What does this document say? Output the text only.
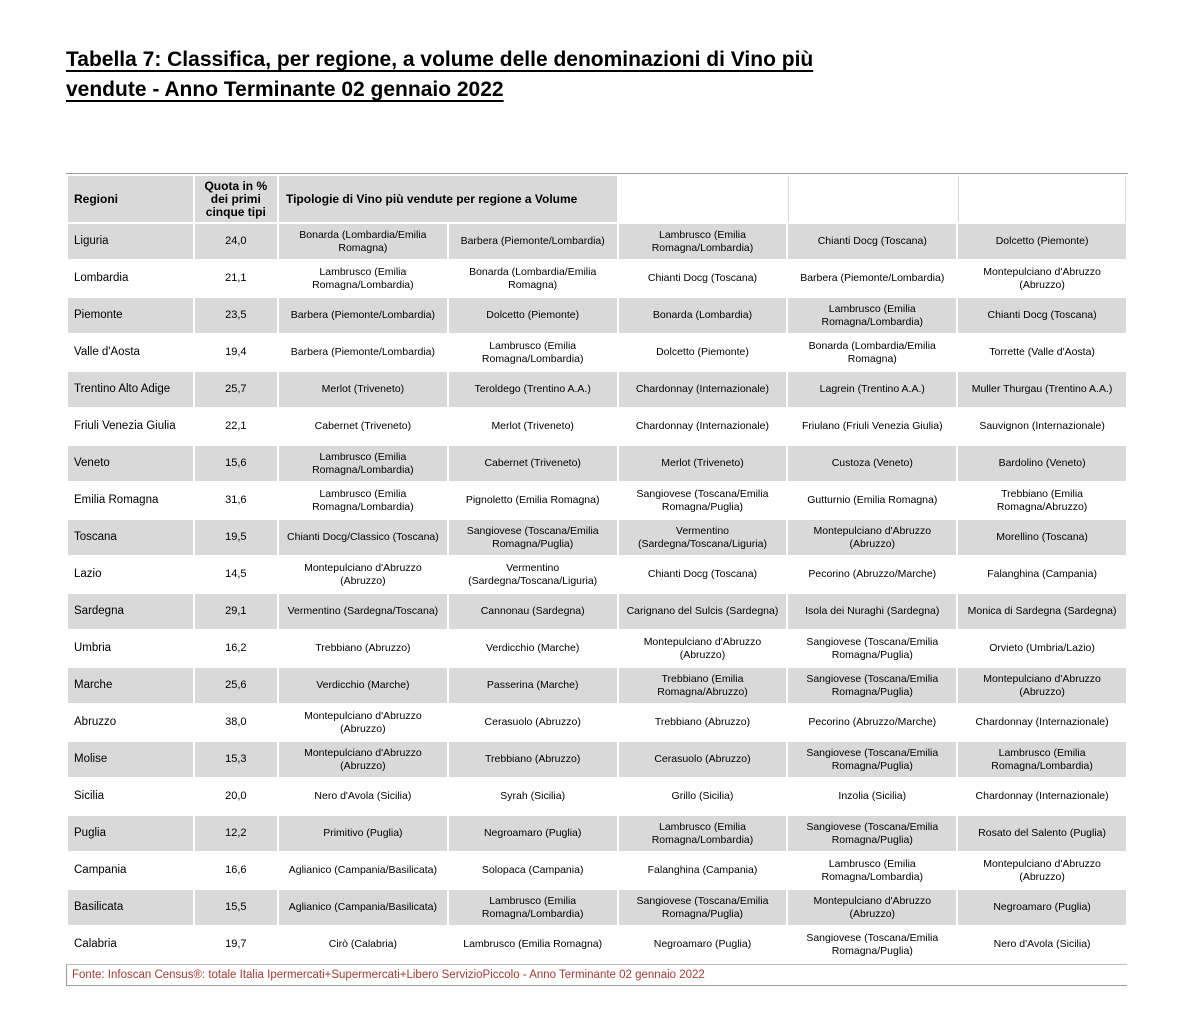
Tabella 7: Classifica, per regione, a volume delle denominazioni di Vino più
vendute - Anno Terminante 02 gennaio 2022
Regioni	Quota in % dei primi cinque tipi	Tipologie di Vino più vendute per regione a Volume				
Liguria	24,0	Bonarda (Lombardia/Emilia Romagna)	Barbera (Piemonte/Lombardia)	Lambrusco (Emilia Romagna/Lombardia)	Chianti Docg (Toscana)	Dolcetto (Piemonte)
Lombardia	21,1	Lambrusco (Emilia Romagna/Lombardia)	Bonarda (Lombardia/Emilia Romagna)	Chianti Docg (Toscana)	Barbera (Piemonte/Lombardia)	Montepulciano d'Abruzzo (Abruzzo)
Piemonte	23,5	Barbera (Piemonte/Lombardia)	Dolcetto (Piemonte)	Bonarda (Lombardia)	Lambrusco (Emilia Romagna/Lombardia)	Chianti Docg (Toscana)
Valle d'Aosta	19,4	Barbera (Piemonte/Lombardia)	Lambrusco (Emilia Romagna/Lombardia)	Dolcetto (Piemonte)	Bonarda (Lombardia/Emilia Romagna)	Torrette (Valle d'Aosta)
Trentino Alto Adige	25,7	Merlot (Triveneto)	Teroldego (Trentino A.A.)	Chardonnay (Internazionale)	Lagrein (Trentino A.A.)	Muller Thurgau (Trentino A.A.)
Friuli Venezia Giulia	22,1	Cabernet (Triveneto)	Merlot (Triveneto)	Chardonnay (Internazionale)	Friulano (Friuli Venezia Giulia)	Sauvignon (Internazionale)
Veneto	15,6	Lambrusco (Emilia Romagna/Lombardia)	Cabernet (Triveneto)	Merlot (Triveneto)	Custoza (Veneto)	Bardolino (Veneto)
Emilia Romagna	31,6	Lambrusco (Emilia Romagna/Lombardia)	Pignoletto (Emilia Romagna)	Sangiovese (Toscana/Emilia Romagna/Puglia)	Gutturnio (Emilia Romagna)	Trebbiano (Emilia Romagna/Abruzzo)
Toscana	19,5	Chianti Docg/Classico (Toscana)	Sangiovese (Toscana/Emilia Romagna/Puglia)	Vermentino (Sardegna/Toscana/Liguria)	Montepulciano d'Abruzzo (Abruzzo)	Morellino (Toscana)
Lazio	14,5	Montepulciano d'Abruzzo (Abruzzo)	Vermentino (Sardegna/Toscana/Liguria)	Chianti Docg (Toscana)	Pecorino (Abruzzo/Marche)	Falanghina (Campania)
Sardegna	29,1	Vermentino (Sardegna/Toscana)	Cannonau (Sardegna)	Carignano del Sulcis (Sardegna)	Isola dei Nuraghi (Sardegna)	Monica di Sardegna (Sardegna)
Umbria	16,2	Trebbiano (Abruzzo)	Verdicchio (Marche)	Montepulciano d'Abruzzo (Abruzzo)	Sangiovese (Toscana/Emilia Romagna/Puglia)	Orvieto (Umbria/Lazio)
Marche	25,6	Verdicchio (Marche)	Passerina (Marche)	Trebbiano (Emilia Romagna/Abruzzo)	Sangiovese (Toscana/Emilia Romagna/Puglia)	Montepulciano d'Abruzzo (Abruzzo)
Abruzzo	38,0	Montepulciano d'Abruzzo (Abruzzo)	Cerasuolo (Abruzzo)	Trebbiano (Abruzzo)	Pecorino (Abruzzo/Marche)	Chardonnay (Internazionale)
Molise	15,3	Montepulciano d'Abruzzo (Abruzzo)	Trebbiano (Abruzzo)	Cerasuolo (Abruzzo)	Sangiovese (Toscana/Emilia Romagna/Puglia)	Lambrusco (Emilia Romagna/Lombardia)
Sicilia	20,0	Nero d'Avola (Sicilia)	Syrah (Sicilia)	Grillo (Sicilia)	Inzolia (Sicilia)	Chardonnay (Internazionale)
Puglia	12,2	Primitivo (Puglia)	Negroamaro (Puglia)	Lambrusco (Emilia Romagna/Lombardia)	Sangiovese (Toscana/Emilia Romagna/Puglia)	Rosato del Salento (Puglia)
Campania	16,6	Aglianico (Campania/Basilicata)	Solopaca (Campania)	Falanghina (Campania)	Lambrusco (Emilia Romagna/Lombardia)	Montepulciano d'Abruzzo (Abruzzo)
Basilicata	15,5	Aglianico (Campania/Basilicata)	Lambrusco (Emilia Romagna/Lombardia)	Sangiovese (Toscana/Emilia Romagna/Puglia)	Montepulciano d'Abruzzo (Abruzzo)	Negroamaro (Puglia)
Calabria	19,7	Cirò (Calabria)	Lambrusco (Emilia Romagna)	Negroamaro (Puglia)	Sangiovese (Toscana/Emilia Romagna/Puglia)	Nero d'Avola (Sicilia)
Fonte: Infoscan Census®: totale Italia Ipermercati+Supermercati+Libero ServizioPiccolo - Anno Terminante 02 gennaio 2022
